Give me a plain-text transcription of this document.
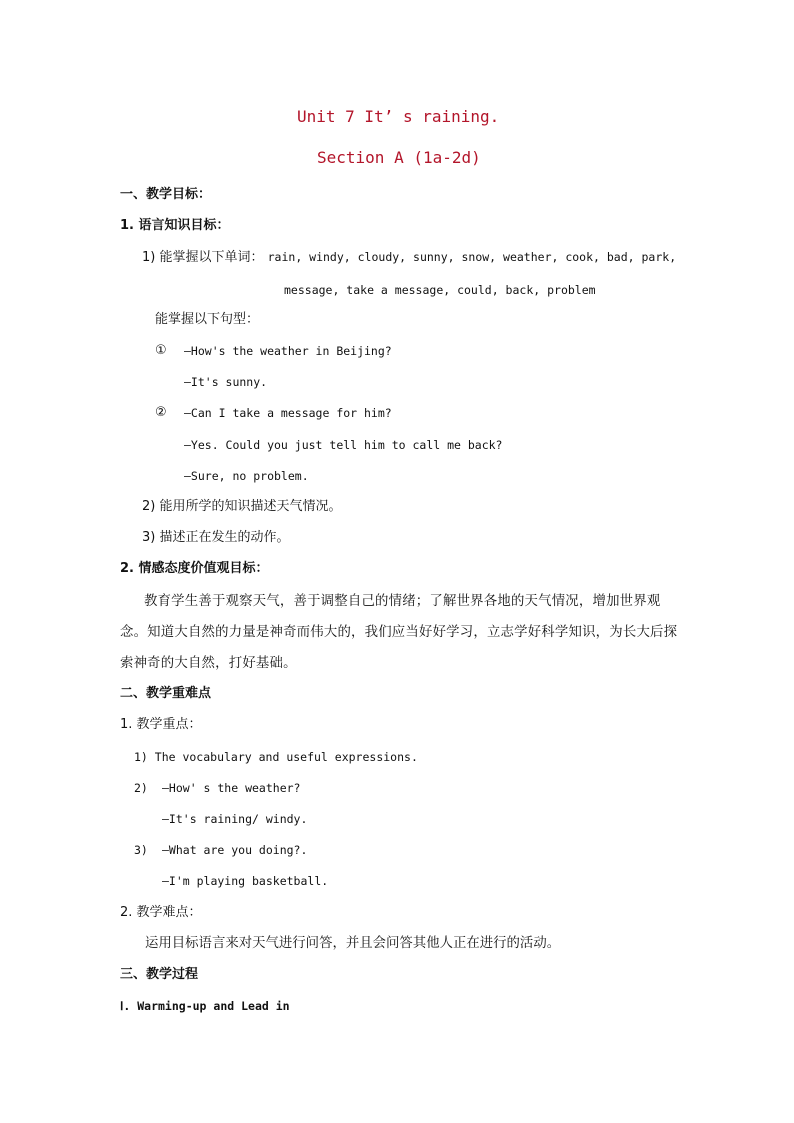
Unit 7 It’ s raining.
Section A (1a-2d)
一、教学目标：
1. 语言知识目标：
1) 能掌握以下单词： rain, windy, cloudy, sunny, snow, weather, cook, bad, park,
message, take a message, could, back, problem
能掌握以下句型：
① —How's the weather in Beijing?
—It's sunny.
② —Can I take a message for him?
—Yes. Could you just tell him to call me back?
—Sure, no problem.
2) 能用所学的知识描述天气情况。
3) 描述正在发生的动作。
2. 情感态度价值观目标：
教育学生善于观察天气，善于调整自己的情绪；了解世界各地的天气情况，增加世界观念。知道大自然的力量是神奇而伟大的，我们应当好好学习，立志学好科学知识，为长大后探索神奇的大自然，打好基础。
二、教学重难点
1. 教学重点：
1) The vocabulary and useful expressions.
2) —How' s the weather?
—It's raining/ windy.
3) —What are you doing?.
—I'm playing basketball.
2. 教学难点：
运用目标语言来对天气进行问答，并且会问答其他人正在进行的活动。
三、教学过程
Ⅰ. Warming-up and Lead in
